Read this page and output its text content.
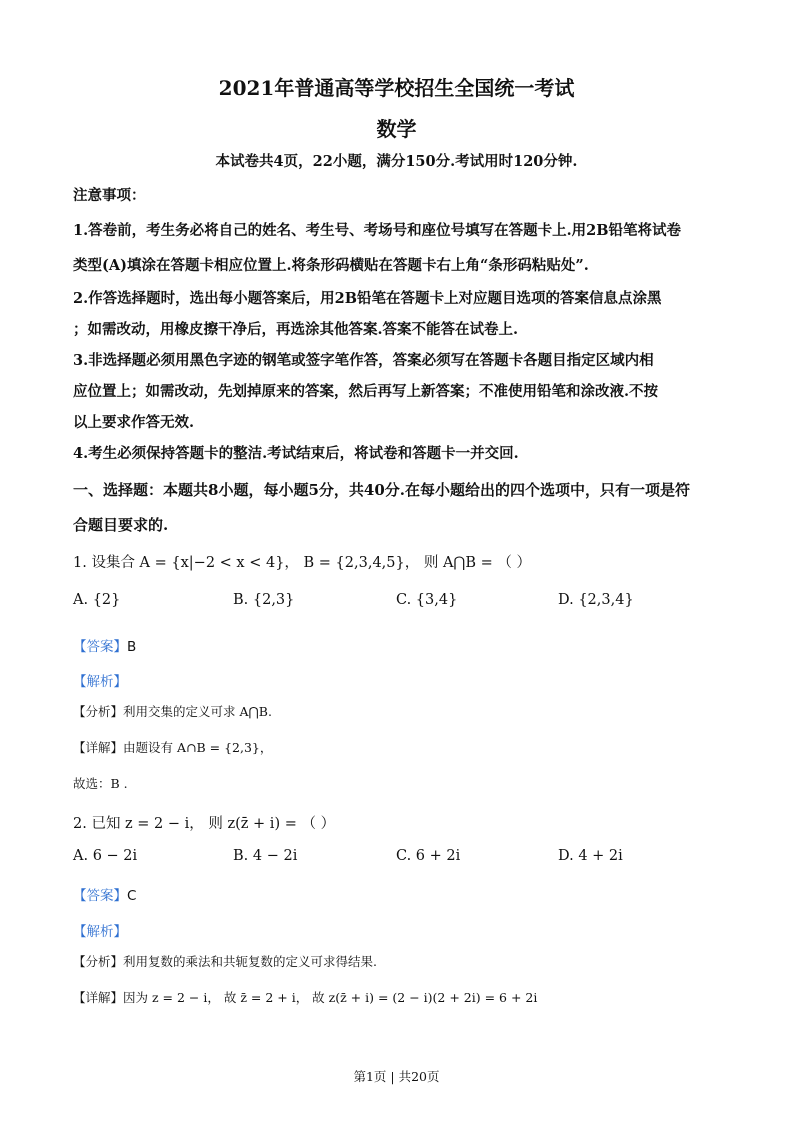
2021年普通高等学校招生全国统一考试
数学
本试卷共4页，22小题，满分150分.考试用时120分钟.
注意事项：
1.答卷前，考生务必将自己的姓名、考生号、考场号和座位号填写在答题卡上.用2B铅笔将试卷
类型(A)填涂在答题卡相应位置上.将条形码横贴在答题卡右上角“条形码粘贴处”.
2.作答选择题时，选出每小题答案后，用2B铅笔在答题卡上对应题目选项的答案信息点涂黑
；如需改动，用橡皮擦干净后，再选涂其他答案.答案不能答在试卷上.
3.非选择题必须用黑色字迹的钢笔或签字笔作答，答案必须写在答题卡各题目指定区域内相
应位置上；如需改动，先划掉原来的答案，然后再写上新答案；不准使用铅笔和涂改液.不按
以上要求作答无效.
4.考生必须保持答题卡的整洁.考试结束后，将试卷和答题卡一并交回.
一、选择题：本题共8小题，每小题5分，共40分.在每小题给出的四个选项中，只有一项是符
合题目要求的.
1. 设集合 A = {x|−2 < x < 4}， B = {2,3,4,5}， 则 A⋂B = （ ）
A. {2}	B. {2,3}	C. {3,4}	D. {2,3,4}
【答案】B
【解析】
【分析】利用交集的定义可求 A⋂B.
【详解】由题设有 A∩B = {2,3}，
故选：B .
2. 已知 z = 2 − i， 则 z(z̄ + i) = （ ）
A. 6 − 2i	B. 4 − 2i	C. 6 + 2i	D. 4 + 2i
【答案】C
【解析】
【分析】利用复数的乘法和共轭复数的定义可求得结果.
【详解】因为 z = 2 − i， 故 z̄ = 2 + i， 故 z(z̄ + i) = (2 − i)(2 + 2i) = 6 + 2i
第1页 | 共20页
